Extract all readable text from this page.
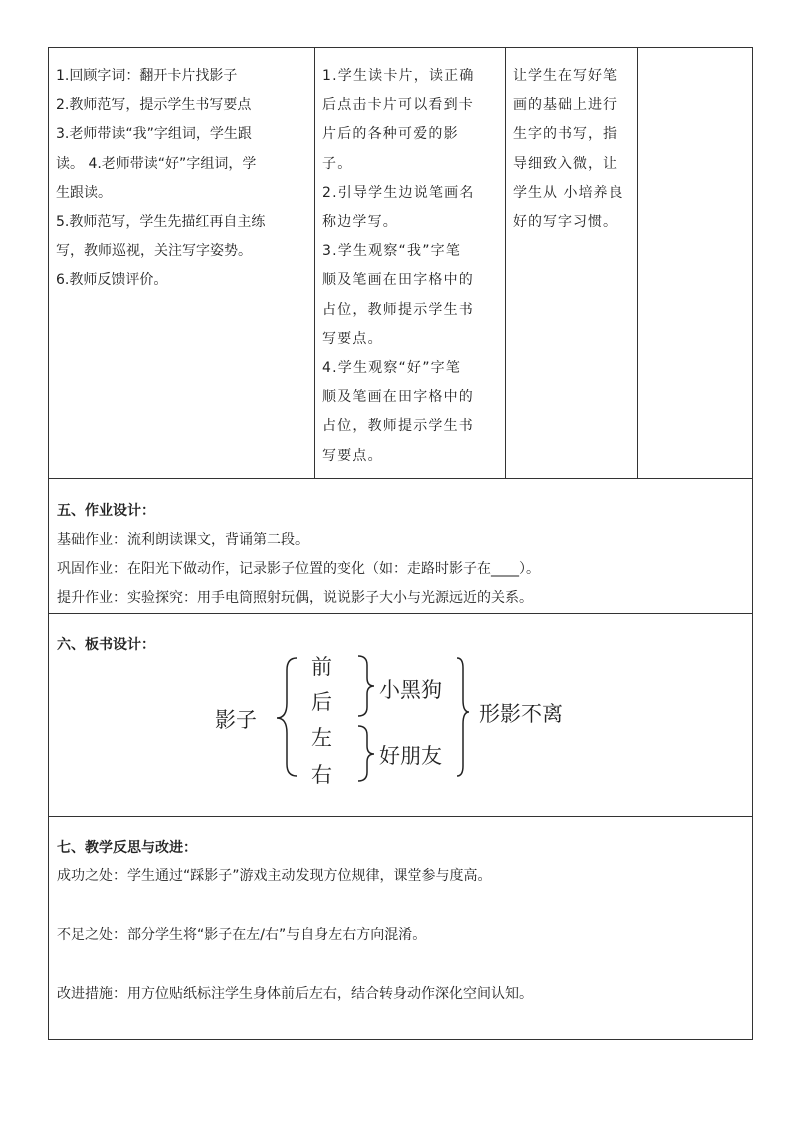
1.回顾字词：翻开卡片找影子
2.教师范写，提示学生书写要点
3.老师带读“我”字组词，学生跟
读。 4.老师带读“好”字组词，学
生跟读。
5.教师范写，学生先描红再自主练
写，教师巡视，关注写字姿势。
6.教师反馈评价。
1.学生读卡片，读正确
后点击卡片可以看到卡
片后的各种可爱的影
子。
2.引导学生边说笔画名
称边学写。
3.学生观察“我”字笔
顺及笔画在田字格中的
占位，教师提示学生书
写要点。
4.学生观察“好”字笔
顺及笔画在田字格中的
占位，教师提示学生书
写要点。
让学生在写好笔
画的基础上进行
生字的书写，指
导细致入微，让
学生从 小培养良
好的写字习惯。
五、作业设计：
基础作业：流利朗读课文，背诵第二段。
巩固作业：在阳光下做动作，记录影子位置的变化（如：走路时影子在____）。
提升作业：实验探究：用手电筒照射玩偶，说说影子大小与光源远近的关系。
六、板书设计：
影子
前
后
左
右
小黑狗
好朋友
形影不离
七、教学反思与改进：
成功之处：学生通过“踩影子”游戏主动发现方位规律，课堂参与度高。
不足之处：部分学生将“影子在左/右”与自身左右方向混淆。
改进措施：用方位贴纸标注学生身体前后左右，结合转身动作深化空间认知。
